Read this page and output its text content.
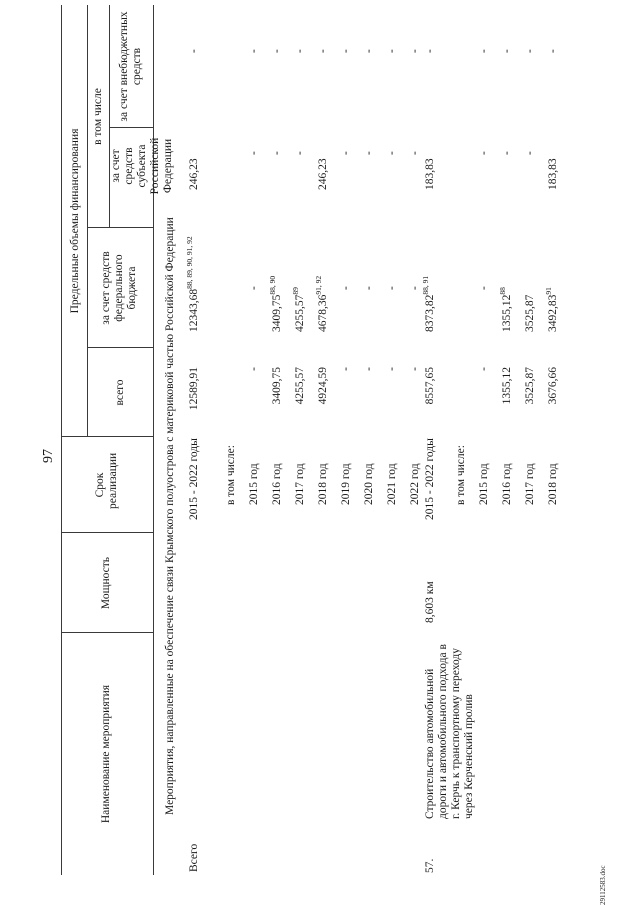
97
29112583.doc
Наименование мероприятия
Мощность
Срок реализации
Предельные объемы финансирования
всего
за счет средств федерального бюджета
в том числе
за счет средств субъекта Российской Федерации
за счет внебюджетных средств
Мероприятия, направленные на обеспечение связи Крымского полуострова с материковой частью Российской Федерации
Всего
2015 - 2022 годы
12589,91
12343,68$^{88, 89, 90, 91, 92}$
246,23
-
в том числе: 2015 год
-
-
-
-
2016 год
3409,75
3409,75$^{88, 90}$
-
-
2017 год
4255,57
4255,57$^{89}$
-
-
2018 год
4924,59
4678,36$^{91, 92}$
246,23
-
2019 год
-
-
-
-
2020 год
-
-
-
-
2021 год
-
-
-
-
2022 год
-
-
-
-
57.
Строительство автомобильной дороги и автомобильного подхода в г. Керчь к транспортному переходу через Керченский пролив
8,603 км
2015 - 2022 годы
8557,65
8373,82$^{88, 91}$
183,83
-
в том числе: 2015 год
-
-
-
-
2016 год
1355,12
1355,12$^{88}$
-
-
2017 год
3525,87
3525,87
-
-
2018 год
3676,66
3492,83$^{91}$
183,83
-
